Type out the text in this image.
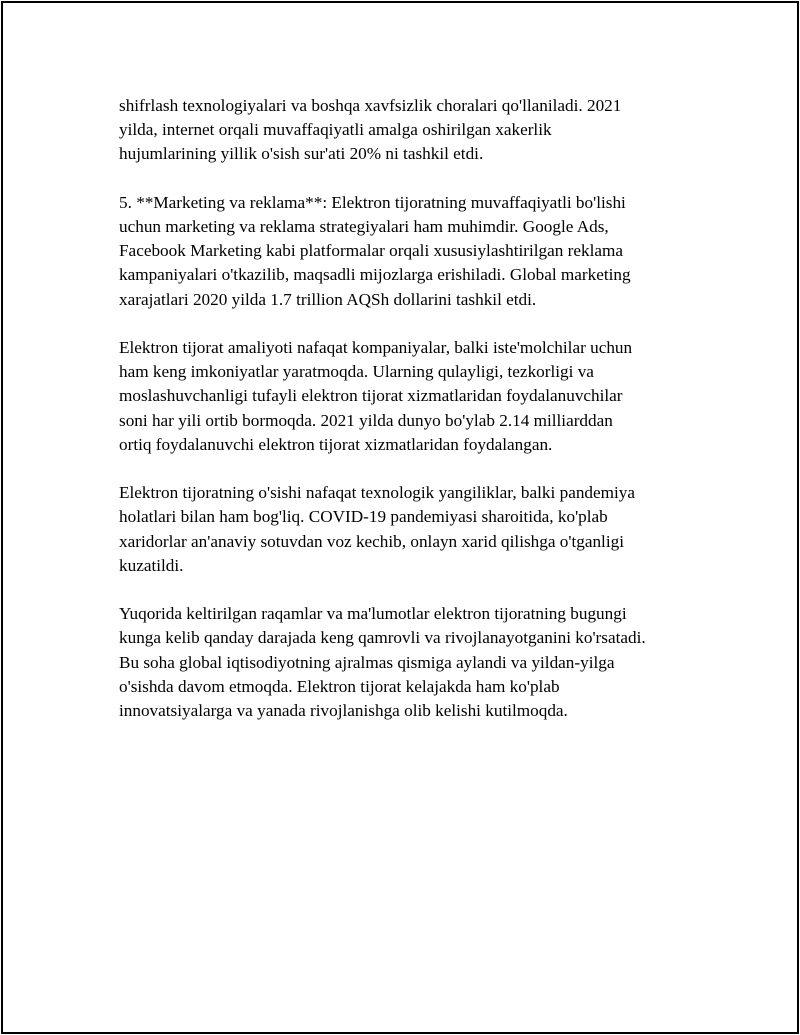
shifrlash texnologiyalari va boshqa xavfsizlik choralari qo'llaniladi. 2021
yilda, internet orqali muvaffaqiyatli amalga oshirilgan xakerlik
hujumlarining yillik o'sish sur'ati 20% ni tashkil etdi.

5. **Marketing va reklama**: Elektron tijoratning muvaffaqiyatli bo'lishi
uchun marketing va reklama strategiyalari ham muhimdir. Google Ads,
Facebook Marketing kabi platformalar orqali xususiylashtirilgan reklama
kampaniyalari o'tkazilib, maqsadli mijozlarga erishiladi. Global marketing
xarajatlari 2020 yilda 1.7 trillion AQSh dollarini tashkil etdi.

Elektron tijorat amaliyoti nafaqat kompaniyalar, balki iste'molchilar uchun
ham keng imkoniyatlar yaratmoqda. Ularning qulayligi, tezkorligi va
moslashuvchanligi tufayli elektron tijorat xizmatlaridan foydalanuvchilar
soni har yili ortib bormoqda. 2021 yilda dunyo bo'ylab 2.14 milliarddan
ortiq foydalanuvchi elektron tijorat xizmatlaridan foydalangan.

Elektron tijoratning o'sishi nafaqat texnologik yangiliklar, balki pandemiya
holatlari bilan ham bog'liq. COVID-19 pandemiyasi sharoitida, ko'plab
xaridorlar an'anaviy sotuvdan voz kechib, onlayn xarid qilishga o'tganligi
kuzatildi.

Yuqorida keltirilgan raqamlar va ma'lumotlar elektron tijoratning bugungi
kunga kelib qanday darajada keng qamrovli va rivojlanayotganini ko'rsatadi.
Bu soha global iqtisodiyotning ajralmas qismiga aylandi va yildan-yilga
o'sishda davom etmoqda. Elektron tijorat kelajakda ham ko'plab
innovatsiyalarga va yanada rivojlanishga olib kelishi kutilmoqda.
